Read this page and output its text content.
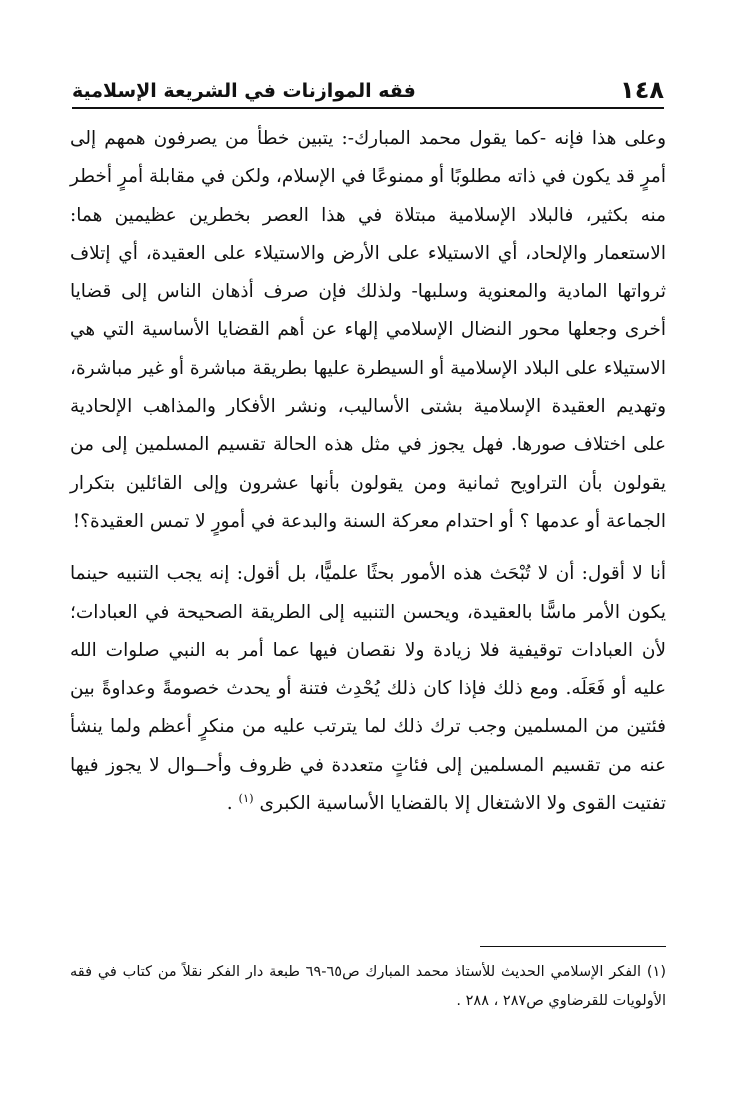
١٤٨
فقه الموازنات في الشريعة الإسلامية

وعلى هذا فإنه -كما يقول محمد المبارك-: يتبين خطأ من يصرفون همهم إلى أمرٍ قد يكون في ذاته مطلوبًا أو ممنوعًا في الإسلام، ولكن في مقابلة أمرٍ أخطر منه بكثير، فالبلاد الإسلامية مبتلاة في هذا العصر بخطرين عظيمين هما: الاستعمار والإلحاد، أي الاستيلاء على الأرض والاستيلاء على العقيدة، أي إتلاف ثرواتها المادية والمعنوية وسلبها- ولذلك فإن صرف أذهان الناس إلى قضايا أخرى وجعلها محور النضال الإسلامي إلهاء عن أهم القضايا الأساسية التي هي الاستيلاء على البلاد الإسلامية أو السيطرة عليها بطريقة مباشرة أو غير مباشرة، وتهديم العقيدة الإسلامية بشتى الأساليب، ونشر الأفكار والمذاهب الإلحادية على اختلاف صورها. فهل يجوز في مثل هذه الحالة تقسيم المسلمين إلى من يقولون بأن التراويح ثمانية ومن يقولون بأنها عشرون وإلى القائلين بتكرار الجماعة أو عدمها ؟ أو احتدام معركة السنة والبدعة في أمورٍ لا تمس العقيدة؟!

أنا لا أقول: أن لا تُبْحَث هذه الأمور بحثًا علميًّا، بل أقول: إنه يجب التنبيه حينما يكون الأمر ماسًّا بالعقيدة، ويحسن التنبيه إلى الطريقة الصحيحة في العبادات؛ لأن العبادات توقيفية فلا زيادة ولا نقصان فيها عما أمر به النبي صلوات الله عليه أو فَعَلَه. ومع ذلك فإذا كان ذلك يُحْدِث فتنة أو يحدث خصومةً وعداوةً بين فئتين من المسلمين وجب ترك ذلك لما يترتب عليه من منكرٍ أعظم ولما ينشأ عنه من تقسيم المسلمين إلى فئاتٍ متعددة في ظروف وأحــوال لا يجوز فيها تفتيت القوى ولا الاشتغال إلا بالقضايا الأساسية الكبرى $^{(١)}$ .

(١) الفكر الإسلامي الحديث للأستاذ محمد المبارك ص٦٥-٦٩ طبعة دار الفكر نقلاً من كتاب في فقه الأولويات للقرضاوي ص٢٨٧ ، ٢٨٨ .
